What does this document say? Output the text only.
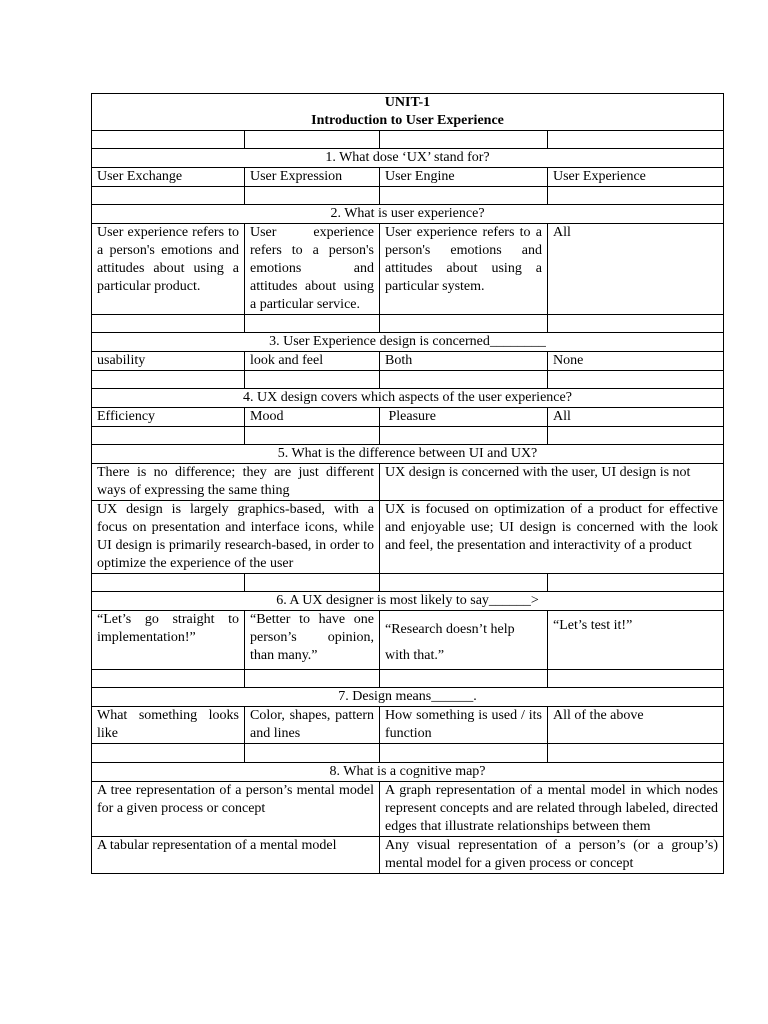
UNIT-1
Introduction to User Experience			

1. What dose ‘UX’ stand for?			
User Exchange	User Expression	User Engine	User Experience

2. What is user experience?			
User experience refers to a person's emotions and attitudes about using a particular product.	User experience refers to a person's emotions and attitudes about using a particular service.	User experience refers to a person's emotions and attitudes about using a particular system.	All

3. User Experience design is concerned________			
usability	look and feel	Both	None

4. UX design covers which aspects of the user experience?			
Efficiency	Mood	Pleasure	All

5. What is the difference between UI and UX?			
There is no difference; they are just different ways of expressing the same thing		UX design is concerned with the user, UI design is not	
UX design is largely graphics-based, with a focus on presentation and interface icons, while UI design is primarily research-based, in order to optimize the experience of the user		UX is focused on optimization of a product for effective and enjoyable use; UI design is concerned with the look and feel, the presentation and interactivity of a product	

6. A UX designer is most likely to say______>			
“Let’s go straight to implementation!”	“Better to have one person’s opinion, than many.”	“Research doesn’t help with that.”	“Let’s test it!”

7. Design means______.			
What something looks like	Color, shapes, pattern and lines	How something is used / its function	All of the above

8. What is a cognitive map?			
A tree representation of a person’s mental model for a given process or concept		A graph representation of a mental model in which nodes represent concepts and are related through labeled, directed edges that illustrate relationships between them	
A tabular representation of a mental model		Any visual representation of a person’s (or a group’s) mental model for a given process or concept	
